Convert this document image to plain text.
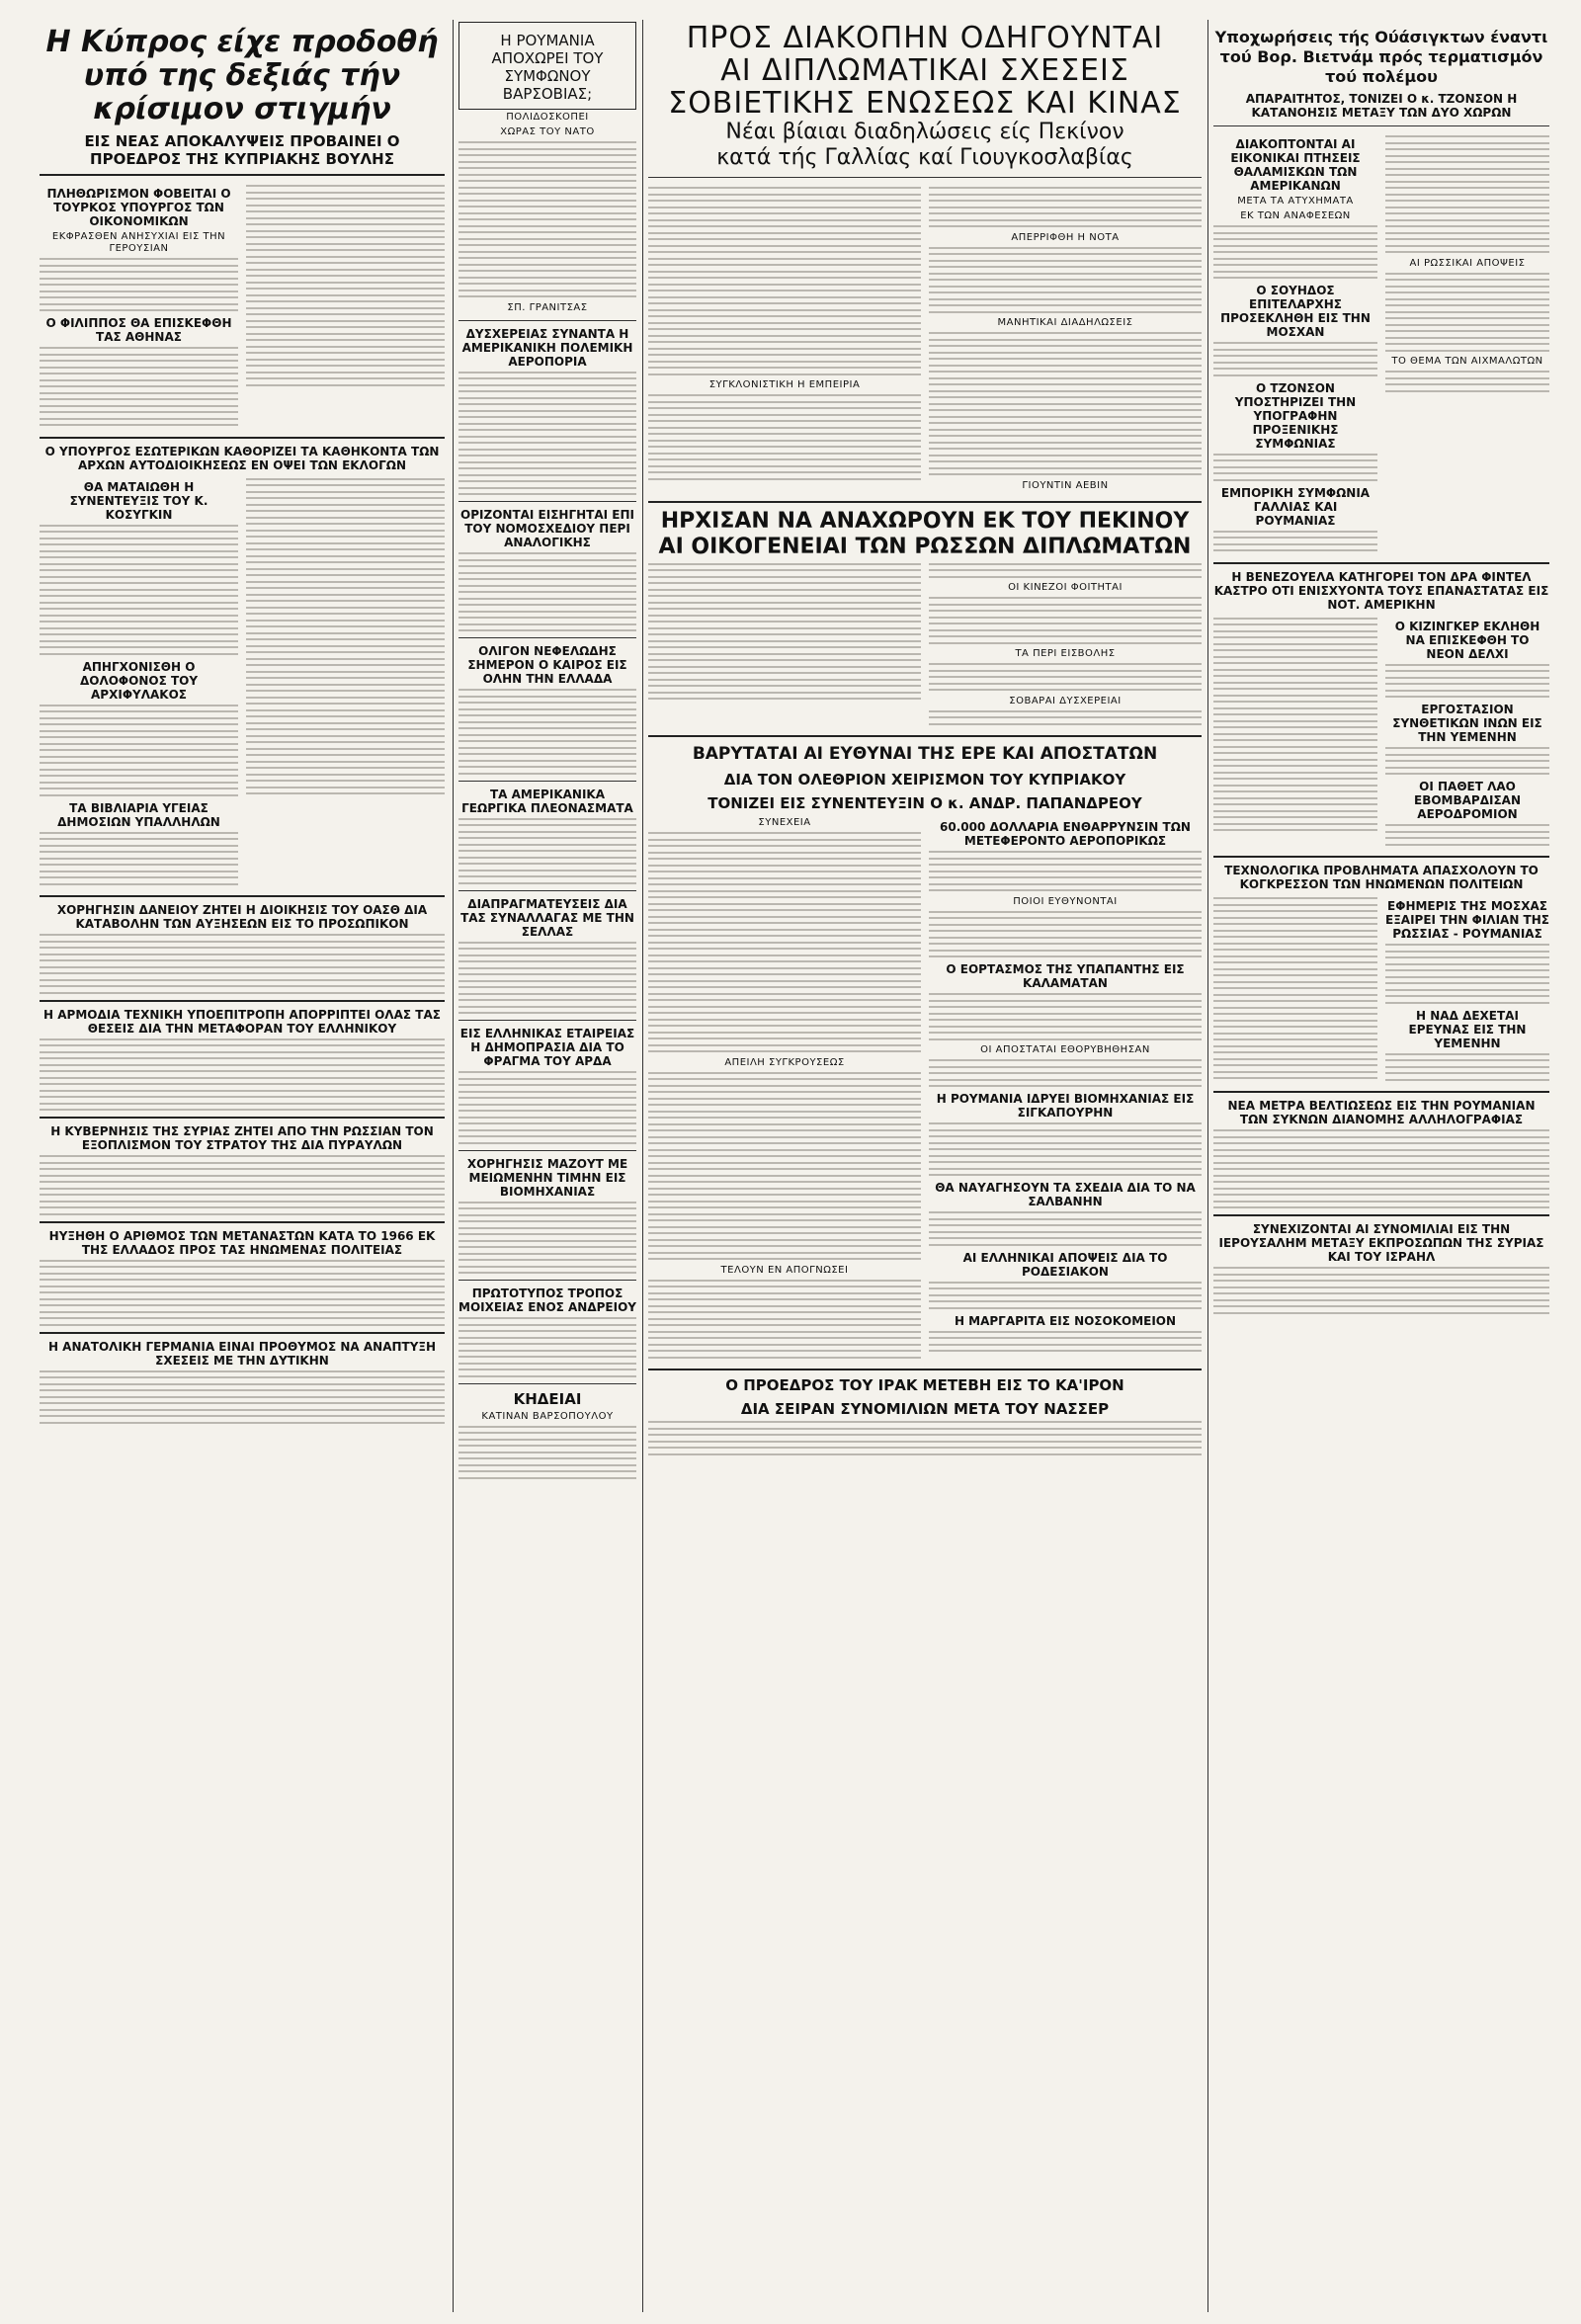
Η Κύπρος είχε προδοθή υπό της δεξιάς τήν κρίσιμον στιγμήν
ΕΙΣ ΝΕΑΣ ΑΠΟΚΑΛΥΨΕΙΣ ΠΡΟΒΑΙΝΕΙ Ο ΠΡΟΕΔΡΟΣ ΤΗΣ ΚΥΠΡΙΑΚΗΣ ΒΟΥΛΗΣ
ΠΛΗΘΩΡΙΣΜΟΝ ΦΟΒΕΙΤΑΙ Ο ΤΟΥΡΚΟΣ ΥΠΟΥΡΓΟΣ ΤΩΝ ΟΙΚΟΝΟΜΙΚΩΝ
ΕΚΦΡΑΣΘΕΝ ΑΝΗΣΥΧΙΑΙ ΕΙΣ ΤΗΝ ΓΕΡΟΥΣΙΑΝ
Ο ΦΙΛΙΠΠΟΣ ΘΑ ΕΠΙΣΚΕΦΘΗ ΤΑΣ ΑΘΗΝΑΣ
Ο ΥΠΟΥΡΓΟΣ ΕΣΩΤΕΡΙΚΩΝ ΚΑΘΟΡΙΖΕΙ ΤΑ ΚΑΘΗΚΟΝΤΑ ΤΩΝ ΑΡΧΩΝ ΑΥΤΟΔΙΟΙΚΗΣΕΩΣ ΕΝ ΟΨΕΙ ΤΩΝ ΕΚΛΟΓΩΝ
ΘΑ ΜΑΤΑΙΩΘΗ Η ΣΥΝΕΝΤΕΥΞΙΣ ΤΟΥ Κ. ΚΟΣΥΓΚΙΝ
ΑΠΗΓΧΟΝΙΣΘΗ Ο ΔΟΛΟΦΟΝΟΣ ΤΟΥ ΑΡΧΙΦΥΛΑΚΟΣ
ΤΑ ΒΙΒΛΙΑΡΙΑ ΥΓΕΙΑΣ ΔΗΜΟΣΙΩΝ ΥΠΑΛΛΗΛΩΝ
ΧΟΡΗΓΗΣΙΝ ΔΑΝΕΙΟΥ ΖΗΤΕΙ Η ΔΙΟΙΚΗΣΙΣ ΤΟΥ ΟΑΣΘ ΔΙΑ ΚΑΤΑΒΟΛΗΝ ΤΩΝ ΑΥΞΗΣΕΩΝ ΕΙΣ ΤΟ ΠΡΟΣΩΠΙΚΟΝ
Η ΑΡΜΟΔΙΑ ΤΕΧΝΙΚΗ ΥΠΟΕΠΙΤΡΟΠΗ ΑΠΟΡΡΙΠΤΕΙ ΟΛΑΣ ΤΑΣ ΘΕΣΕΙΣ ΔΙΑ ΤΗΝ ΜΕΤΑΦΟΡΑΝ ΤΟΥ ΕΛΛΗΝΙΚΟΥ
Η ΚΥΒΕΡΝΗΣΙΣ ΤΗΣ ΣΥΡΙΑΣ ΖΗΤΕΙ ΑΠΟ ΤΗΝ ΡΩΣΣΙΑΝ ΤΟΝ ΕΞΟΠΛΙΣΜΟΝ ΤΟΥ ΣΤΡΑΤΟΥ ΤΗΣ ΔΙΑ ΠΥΡΑΥΛΩΝ
ΗΥΞΗΘΗ Ο ΑΡΙΘΜΟΣ ΤΩΝ ΜΕΤΑΝΑΣΤΩΝ ΚΑΤΑ ΤΟ 1966 ΕΚ ΤΗΣ ΕΛΛΑΔΟΣ ΠΡΟΣ ΤΑΣ ΗΝΩΜΕΝΑΣ ΠΟΛΙΤΕΙΑΣ
Η ΑΝΑΤΟΛΙΚΗ ΓΕΡΜΑΝΙΑ ΕΙΝΑΙ ΠΡΟΘΥΜΟΣ ΝΑ ΑΝΑΠΤΥΞΗ ΣΧΕΣΕΙΣ ΜΕ ΤΗΝ ΔΥΤΙΚΗΝ
Η ΡΟΥΜΑΝΙΑ ΑΠΟΧΩΡΕΙ ΤΟΥ ΣΥΜΦΩΝΟΥ ΒΑΡΣΟΒΙΑΣ;
ΠΟΛΙΔΟΣΚΟΠΕΙ
ΧΩΡΑΣ ΤΟΥ ΝΑΤΟ
ΣΠ. ΓΡΑΝΙΤΣΑΣ
ΔΥΣΧΕΡΕΙΑΣ ΣΥΝΑΝΤΑ Η ΑΜΕΡΙΚΑΝΙΚΗ ΠΟΛΕΜΙΚΗ ΑΕΡΟΠΟΡΙΑ
ΟΡΙΖΟΝΤΑΙ ΕΙΣΗΓΗΤΑΙ ΕΠΙ ΤΟΥ ΝΟΜΟΣΧΕΔΙΟΥ ΠΕΡΙ ΑΝΑΛΟΓΙΚΗΣ
ΟΛΙΓΟΝ ΝΕΦΕΛΩΔΗΣ ΣΗΜΕΡΟΝ Ο ΚΑΙΡΟΣ ΕΙΣ ΟΛΗΝ ΤΗΝ ΕΛΛΑΔΑ
ΤΑ ΑΜΕΡΙΚΑΝΙΚΑ ΓΕΩΡΓΙΚΑ ΠΛΕΟΝΑΣΜΑΤΑ
ΔΙΑΠΡΑΓΜΑΤΕΥΣΕΙΣ ΔΙΑ ΤΑΣ ΣΥΝΑΛΛΑΓΑΣ ΜΕ ΤΗΝ ΣΕΛΛΑΣ
ΕΙΣ ΕΛΛΗΝΙΚΑΣ ΕΤΑΙΡΕΙΑΣ Η ΔΗΜΟΠΡΑΣΙΑ ΔΙΑ ΤΟ ΦΡΑΓΜΑ ΤΟΥ ΑΡΔΑ
ΧΟΡΗΓΗΣΙΣ ΜΑΖΟΥΤ ΜΕ ΜΕΙΩΜΕΝΗΝ ΤΙΜΗΝ ΕΙΣ ΒΙΟΜΗΧΑΝΙΑΣ
ΠΡΩΤΟΤΥΠΟΣ ΤΡΟΠΟΣ ΜΟΙΧΕΙΑΣ ΕΝΟΣ ΑΝΔΡΕΙΟΥ
ΚΗΔΕΙΑΙ
ΚΑΤΙΝΑΝ ΒΑΡΣΟΠΟΥΛΟΥ
ΠΡΟΣ ΔΙΑΚΟΠΗΝ ΟΔΗΓΟΥΝΤΑΙ
ΑΙ ΔΙΠΛΩΜΑΤΙΚΑΙ ΣΧΕΣΕΙΣ
ΣΟΒΙΕΤΙΚΗΣ ΕΝΩΣΕΩΣ ΚΑΙ ΚΙΝΑΣ
Νέαι βίαιαι διαδηλώσεις είς Πεκίνον
κατά τής Γαλλίας καί Γιουγκοσλαβίας
ΣΥΓΚΛΟΝΙΣΤΙΚΗ Η ΕΜΠΕΙΡΙΑ
ΑΠΕΡΡΙΦΘΗ Η ΝΟΤΑ
ΜΑΝΗΤΙΚΑΙ ΔΙΑΔΗΛΩΣΕΙΣ
ΓΙΟΥΝΤΙΝ ΑΕΒΙΝ
ΗΡΧΙΣΑΝ ΝΑ ΑΝΑΧΩΡΟΥΝ ΕΚ ΤΟΥ ΠΕΚΙΝΟΥ
ΑΙ ΟΙΚΟΓΕΝΕΙΑΙ ΤΩΝ ΡΩΣΣΩΝ ΔΙΠΛΩΜΑΤΩΝ
ΟΙ ΚΙΝΕΖΟΙ ΦΟΙΤΗΤΑΙ
ΤΑ ΠΕΡΙ ΕΙΣΒΟΛΗΣ
ΣΟΒΑΡΑΙ ΔΥΣΧΕΡΕΙΑΙ
ΒΑΡΥΤΑΤΑΙ ΑΙ ΕΥΘΥΝΑΙ ΤΗΣ ΕΡΕ ΚΑΙ ΑΠΟΣΤΑΤΩΝ
ΔΙΑ ΤΟΝ ΟΛΕΘΡΙΟΝ ΧΕΙΡΙΣΜΟΝ ΤΟΥ ΚΥΠΡΙΑΚΟΥ
ΤΟΝΙΖΕΙ ΕΙΣ ΣΥΝΕΝΤΕΥΞΙΝ Ο κ. ΑΝΔΡ. ΠΑΠΑΝΔΡΕΟΥ
ΣΥΝΕΧΕΙΑ
ΑΠΕΙΛΗ ΣΥΓΚΡΟΥΣΕΩΣ
ΤΕΛΟΥΝ ΕΝ ΑΠΟΓΝΩΣΕΙ
60.000 ΔΟΛΛΑΡΙΑ ΕΝΘΑΡΡΥΝΣΙΝ ΤΩΝ ΜΕΤΕΦΕΡΟΝΤΟ ΑΕΡΟΠΟΡΙΚΩΣ
ΠΟΙΟΙ ΕΥΘΥΝΟΝΤΑΙ
Ο ΕΟΡΤΑΣΜΟΣ ΤΗΣ ΥΠΑΠΑΝΤΗΣ ΕΙΣ ΚΑΛΑΜΑΤΑΝ
ΟΙ ΑΠΟΣΤΑΤΑΙ ΕΘΟΡΥΒΗΘΗΣΑΝ
Η ΡΟΥΜΑΝΙΑ ΙΔΡΥΕΙ ΒΙΟΜΗΧΑΝΙΑΣ ΕΙΣ ΣΙΓΚΑΠΟΥΡΗΝ
ΘΑ ΝΑΥΑΓΗΣΟΥΝ ΤΑ ΣΧΕΔΙΑ ΔΙΑ ΤΟ ΝΑ ΣΑΛΒΑΝΗΝ
ΑΙ ΕΛΛΗΝΙΚΑΙ ΑΠΟΨΕΙΣ ΔΙΑ ΤΟ ΡΟΔΕΣΙΑΚΟΝ
Η ΜΑΡΓΑΡΙΤΑ ΕΙΣ ΝΟΣΟΚΟΜΕΙΟΝ
Ο ΠΡΟΕΔΡΟΣ ΤΟΥ ΙΡΑΚ ΜΕΤΕΒΗ ΕΙΣ ΤΟ ΚΑ'ΙΡΟΝ
ΔΙΑ ΣΕΙΡΑΝ ΣΥΝΟΜΙΛΙΩΝ ΜΕΤΑ ΤΟΥ ΝΑΣΣΕΡ
Υποχωρήσεις τής Ούάσιγκτων έναντι τού Βορ. Βιετνάμ πρός τερματισμόν τού πολέμου
ΑΠΑΡΑΙΤΗΤΟΣ, ΤΟΝΙΖΕΙ Ο κ. ΤΖΟΝΣΟΝ Η ΚΑΤΑΝΟΗΣΙΣ ΜΕΤΑΞΥ ΤΩΝ ΔΥΟ ΧΩΡΩΝ
ΔΙΑΚΟΠΤΟΝΤΑΙ ΑΙ ΕΙΚΟΝΙΚΑΙ ΠΤΗΣΕΙΣ ΘΑΛΑΜΙΣΚΩΝ ΤΩΝ ΑΜΕΡΙΚΑΝΩΝ
ΜΕΤΑ ΤΑ ΑΤΥΧΗΜΑΤΑ
ΕΚ ΤΩΝ ΑΝΑΦΕΣΕΩΝ
Ο ΣΟΥΗΔΟΣ ΕΠΙΤΕΛΑΡΧΗΣ ΠΡΟΣΕΚΛΗΘΗ ΕΙΣ ΤΗΝ ΜΟΣΧΑΝ
Ο ΤΖΟΝΣΟΝ ΥΠΟΣΤΗΡΙΖΕΙ ΤΗΝ ΥΠΟΓΡΑΦΗΝ ΠΡΟΞΕΝΙΚΗΣ ΣΥΜΦΩΝΙΑΣ
ΕΜΠΟΡΙΚΗ ΣΥΜΦΩΝΙΑ ΓΑΛΛΙΑΣ ΚΑΙ ΡΟΥΜΑΝΙΑΣ
ΑΙ ΡΩΣΣΙΚΑΙ ΑΠΟΨΕΙΣ
ΤΟ ΘΕΜΑ ΤΩΝ ΑΙΧΜΑΛΩΤΩΝ
Η ΒΕΝΕΖΟΥΕΛΑ ΚΑΤΗΓΟΡΕΙ ΤΟΝ ΔΡΑ ΦΙΝΤΕΛ ΚΑΣΤΡΟ ΟΤΙ ΕΝΙΣΧΥΟΝΤΑ ΤΟΥΣ ΕΠΑΝΑΣΤΑΤΑΣ ΕΙΣ ΝΟΤ. ΑΜΕΡΙΚΗΝ
Ο ΚΙΖΙΝΓΚΕΡ ΕΚΛΗΘΗ ΝΑ ΕΠΙΣΚΕΦΘΗ ΤΟ ΝΕΟΝ ΔΕΛΧΙ
ΕΡΓΟΣΤΑΣΙΟΝ ΣΥΝΘΕΤΙΚΩΝ ΙΝΩΝ ΕΙΣ ΤΗΝ ΥΕΜΕΝΗΝ
ΟΙ ΠΑΘΕΤ ΛΑΟ ΕΒΟΜΒΑΡΔΙΣΑΝ ΑΕΡΟΔΡΟΜΙΟΝ
ΤΕΧΝΟΛΟΓΙΚΑ ΠΡΟΒΛΗΜΑΤΑ ΑΠΑΣΧΟΛΟΥΝ ΤΟ ΚΟΓΚΡΕΣΣΟΝ ΤΩΝ ΗΝΩΜΕΝΩΝ ΠΟΛΙΤΕΙΩΝ
ΕΦΗΜΕΡΙΣ ΤΗΣ ΜΟΣΧΑΣ ΕΞΑΙΡΕΙ ΤΗΝ ΦΙΛΙΑΝ ΤΗΣ ΡΩΣΣΙΑΣ - ΡΟΥΜΑΝΙΑΣ
Η ΝΑΔ ΔΕΧΕΤΑΙ ΕΡΕΥΝΑΣ ΕΙΣ ΤΗΝ ΥΕΜΕΝΗΝ
ΝΕΑ ΜΕΤΡΑ ΒΕΛΤΙΩΣΕΩΣ ΕΙΣ ΤΗΝ ΡΟΥΜΑΝΙΑΝ ΤΩΝ ΣΥΚΝΩΝ ΔΙΑΝΟΜΗΣ ΑΛΛΗΛΟΓΡΑΦΙΑΣ
ΣΥΝΕΧΙΖΟΝΤΑΙ ΑΙ ΣΥΝΟΜΙΛΙΑΙ ΕΙΣ ΤΗΝ ΙΕΡΟΥΣΑΛΗΜ ΜΕΤΑΞΥ ΕΚΠΡΟΣΩΠΩΝ ΤΗΣ ΣΥΡΙΑΣ ΚΑΙ ΤΟΥ ΙΣΡΑΗΛ
